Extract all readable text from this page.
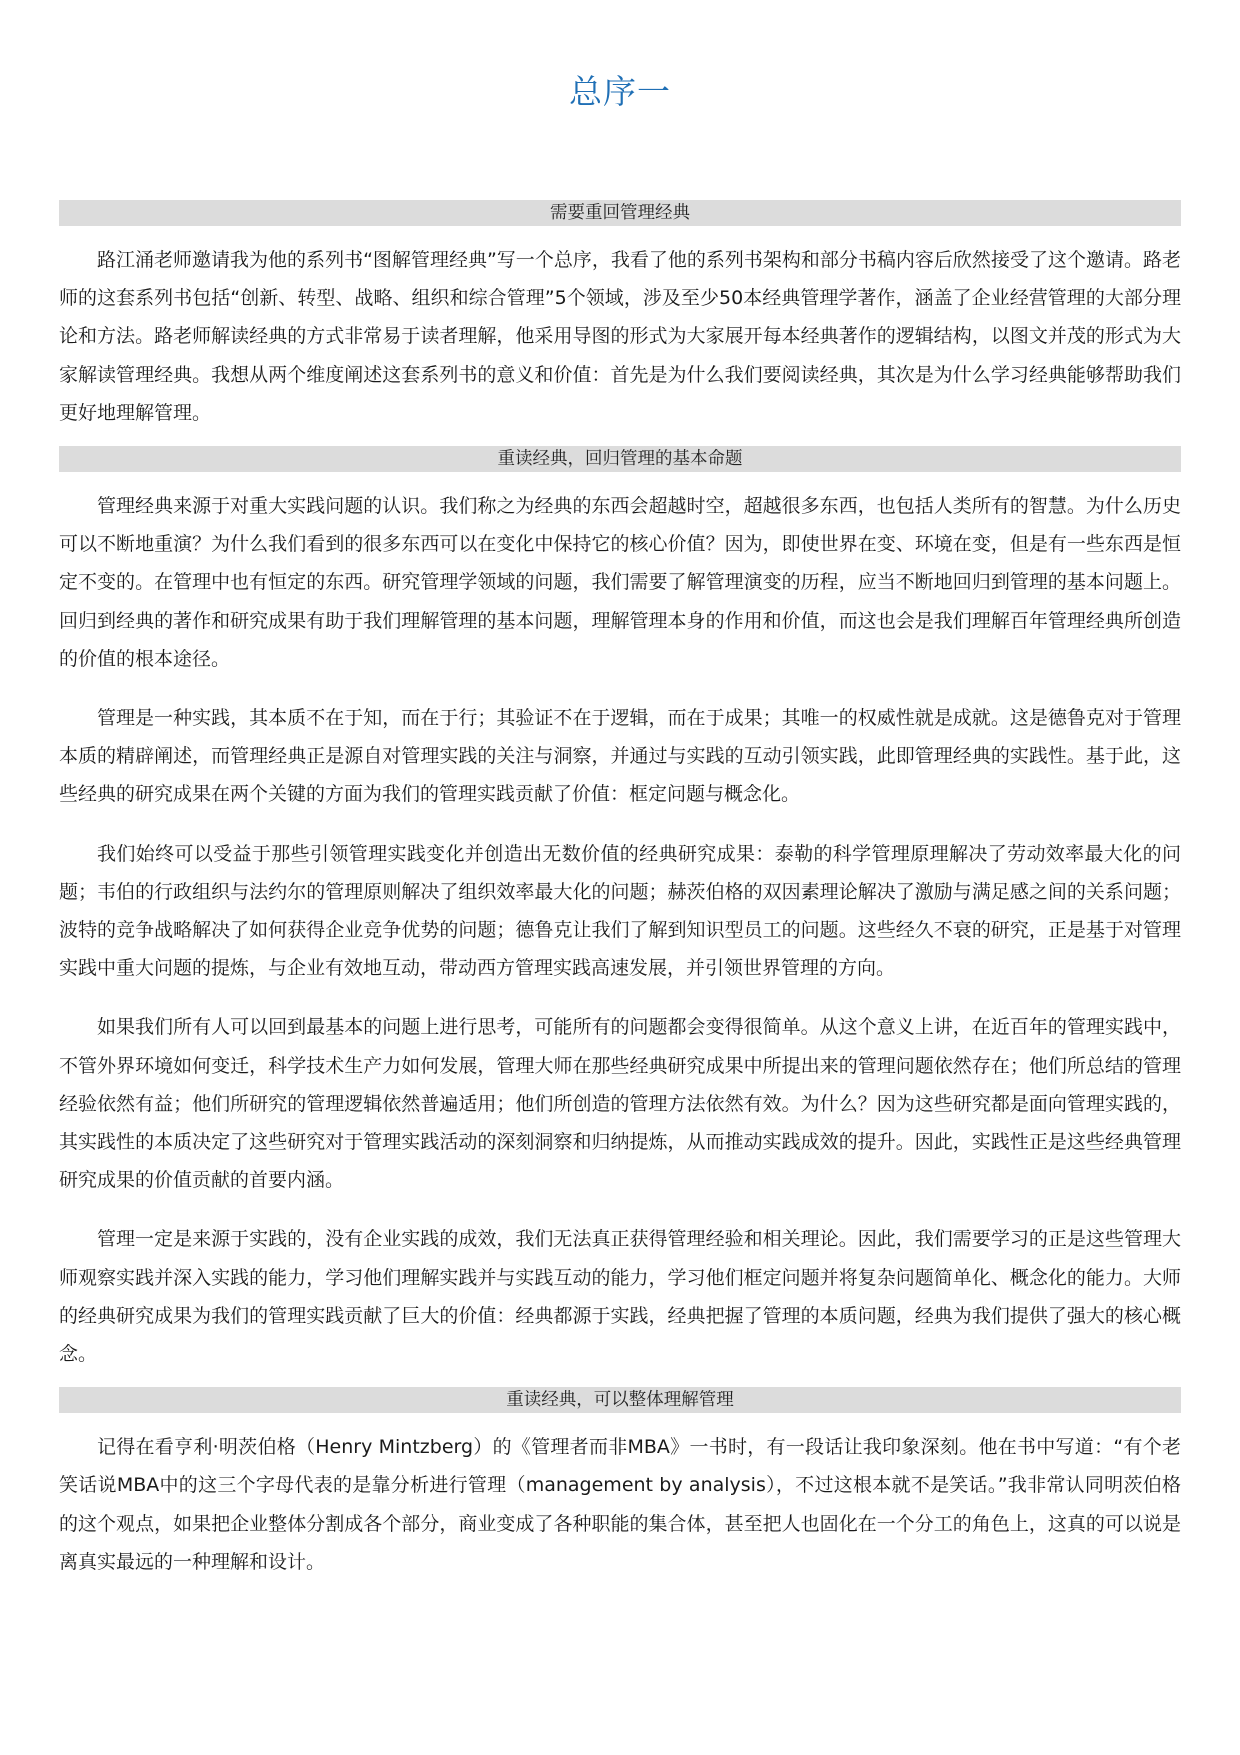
总序一
需要重回管理经典

路江涌老师邀请我为他的系列书“图解管理经典”写一个总序，我看了他的系列书架构和部分书稿内容后欣然接受了这个邀请。路老师的这套系列书包括“创新、转型、战略、组织和综合管理”5个领域，涉及至少50本经典管理学著作，涵盖了企业经营管理的大部分理论和方法。路老师解读经典的方式非常易于读者理解，他采用导图的形式为大家展开每本经典著作的逻辑结构，以图文并茂的形式为大家解读管理经典。我想从两个维度阐述这套系列书的意义和价值：首先是为什么我们要阅读经典，其次是为什么学习经典能够帮助我们更好地理解管理。

重读经典，回归管理的基本命题

管理经典来源于对重大实践问题的认识。我们称之为经典的东西会超越时空，超越很多东西，也包括人类所有的智慧。为什么历史可以不断地重演？为什么我们看到的很多东西可以在变化中保持它的核心价值？因为，即使世界在变、环境在变，但是有一些东西是恒定不变的。在管理中也有恒定的东西。研究管理学领域的问题，我们需要了解管理演变的历程，应当不断地回归到管理的基本问题上。回归到经典的著作和研究成果有助于我们理解管理的基本问题，理解管理本身的作用和价值，而这也会是我们理解百年管理经典所创造的价值的根本途径。

管理是一种实践，其本质不在于知，而在于行；其验证不在于逻辑，而在于成果；其唯一的权威性就是成就。这是德鲁克对于管理本质的精辟阐述，而管理经典正是源自对管理实践的关注与洞察，并通过与实践的互动引领实践，此即管理经典的实践性。基于此，这些经典的研究成果在两个关键的方面为我们的管理实践贡献了价值：框定问题与概念化。

我们始终可以受益于那些引领管理实践变化并创造出无数价值的经典研究成果：泰勒的科学管理原理解决了劳动效率最大化的问题；韦伯的行政组织与法约尔的管理原则解决了组织效率最大化的问题；赫茨伯格的双因素理论解决了激励与满足感之间的关系问题；波特的竞争战略解决了如何获得企业竞争优势的问题；德鲁克让我们了解到知识型员工的问题。这些经久不衰的研究，正是基于对管理实践中重大问题的提炼，与企业有效地互动，带动西方管理实践高速发展，并引领世界管理的方向。

如果我们所有人可以回到最基本的问题上进行思考，可能所有的问题都会变得很简单。从这个意义上讲，在近百年的管理实践中，不管外界环境如何变迁，科学技术生产力如何发展，管理大师在那些经典研究成果中所提出来的管理问题依然存在；他们所总结的管理经验依然有益；他们所研究的管理逻辑依然普遍适用；他们所创造的管理方法依然有效。为什么？因为这些研究都是面向管理实践的，其实践性的本质决定了这些研究对于管理实践活动的深刻洞察和归纳提炼，从而推动实践成效的提升。因此，实践性正是这些经典管理研究成果的价值贡献的首要内涵。

管理一定是来源于实践的，没有企业实践的成效，我们无法真正获得管理经验和相关理论。因此，我们需要学习的正是这些管理大师观察实践并深入实践的能力，学习他们理解实践并与实践互动的能力，学习他们框定问题并将复杂问题简单化、概念化的能力。大师的经典研究成果为我们的管理实践贡献了巨大的价值：经典都源于实践，经典把握了管理的本质问题，经典为我们提供了强大的核心概念。

重读经典，可以整体理解管理

记得在看亨利·明茨伯格（Henry Mintzberg）的《管理者而非MBA》一书时，有一段话让我印象深刻。他在书中写道：“有个老笑话说MBA中的这三个字母代表的是靠分析进行管理（management by analysis），不过这根本就不是笑话。”我非常认同明茨伯格的这个观点，如果把企业整体分割成各个部分，商业变成了各种职能的集合体，甚至把人也固化在一个分工的角色上，这真的可以说是离真实最远的一种理解和设计。
